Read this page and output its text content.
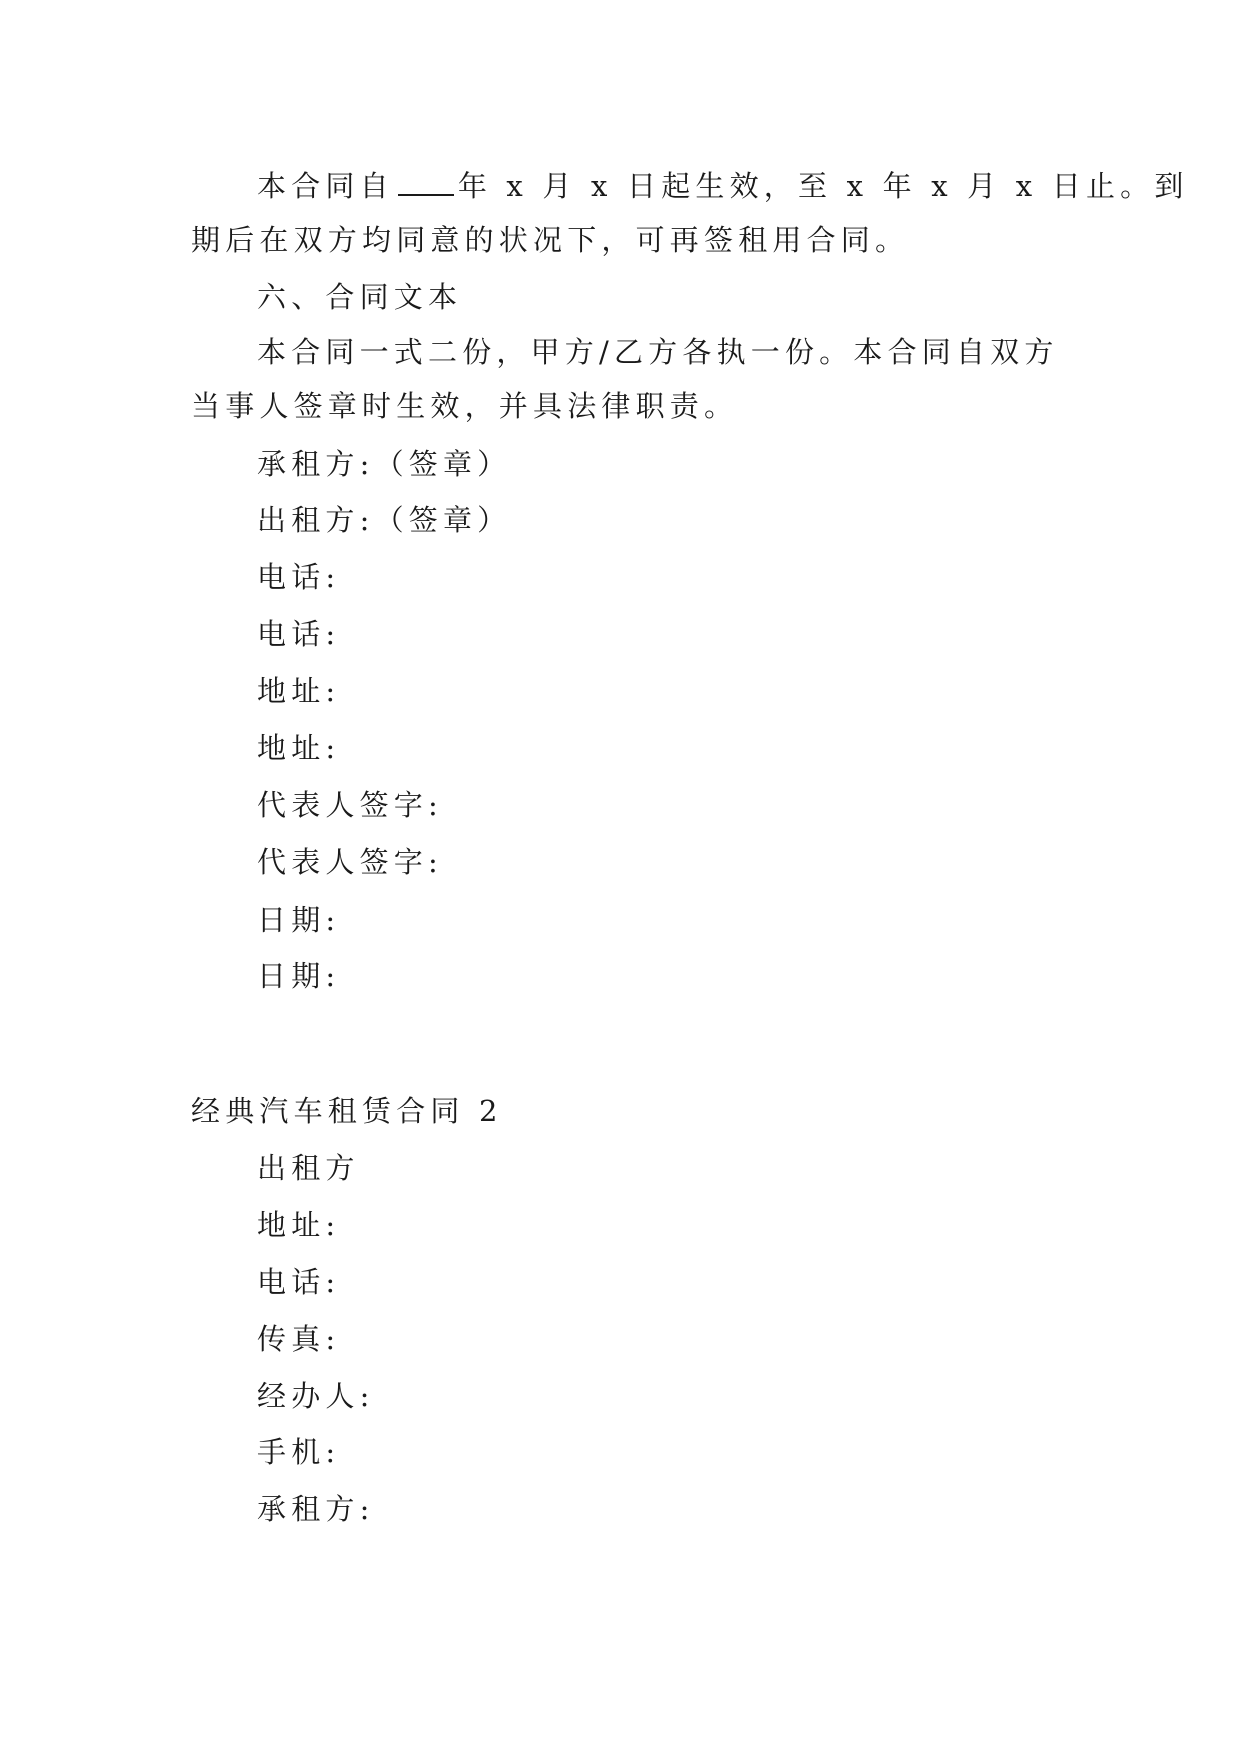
本合同自 年 x 月 x 日起生效，至 x 年 x 月 x 日止。到
期后在双方均同意的状况下，可再签租用合同。
六、合同文本
本合同一式二份，甲方/乙方各执一份。本合同自双方
当事人签章时生效，并具法律职责。
承租方:（签章）
出租方:（签章）
电话:
电话:
地址:
地址:
代表人签字:
代表人签字:
日期:
日期:
经典汽车租赁合同 2
出租方
地址:
电话:
传真:
经办人:
手机:
承租方:
